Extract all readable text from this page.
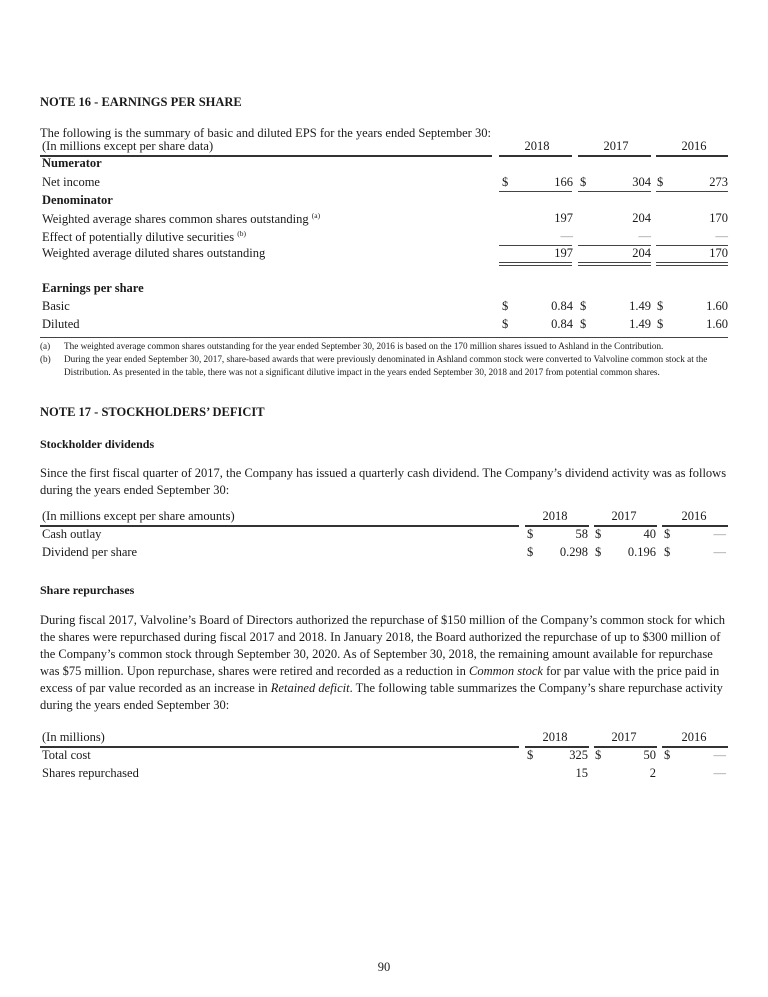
NOTE 16 - EARNINGS PER SHARE
The following is the summary of basic and diluted EPS for the years ended September 30:
(In millions except per share data)	2018	2017	2016
Numerator
Net income	$	166 $	304 $	273
Denominator
Weighted average shares common shares outstanding $^{(a)}$	197	204	170
Effect of potentially dilutive securities $^{(b)}$	—	—	—
Weighted average diluted shares outstanding	197	204	170
Earnings per share
Basic	$	0.84 $	1.49 $	1.60
Diluted	$	0.84 $	1.49 $	1.60
(a) The weighted average common shares outstanding for the year ended September 30, 2016 is based on the 170 million shares issued to Ashland in the Contribution.
(b) During the year ended September 30, 2017, share-based awards that were previously denominated in Ashland common stock were converted to Valvoline common stock at the Distribution. As presented in the table, there was not a significant dilutive impact in the years ended September 30, 2018 and 2017 from potential common shares.
NOTE 17 - STOCKHOLDERS’ DEFICIT
Stockholder dividends
Since the first fiscal quarter of 2017, the Company has issued a quarterly cash dividend. The Company’s dividend activity was as follows during the years ended September 30:
(In millions except per share amounts)	2018	2017	2016
Cash outlay	$	58 $	40 $	—
Dividend per share	$ 0.298 $ 0.196 $	—
Share repurchases
During fiscal 2017, Valvoline’s Board of Directors authorized the repurchase of $150 million of the Company’s common stock for which the shares were repurchased during fiscal 2017 and 2018. In January 2018, the Board authorized the repurchase of up to $300 million of the Company’s common stock through September 30, 2020. As of September 30, 2018, the remaining amount available for repurchase was $75 million. Upon repurchase, shares were retired and recorded as a reduction in Common stock for par value with the price paid in excess of par value recorded as an increase in Retained deficit. The following table summarizes the Company’s share repurchase activity during the years ended September 30:
(In millions)	2018	2017	2016
Total cost	$	325 $	50 $	—
Shares repurchased	15	2	—
90
